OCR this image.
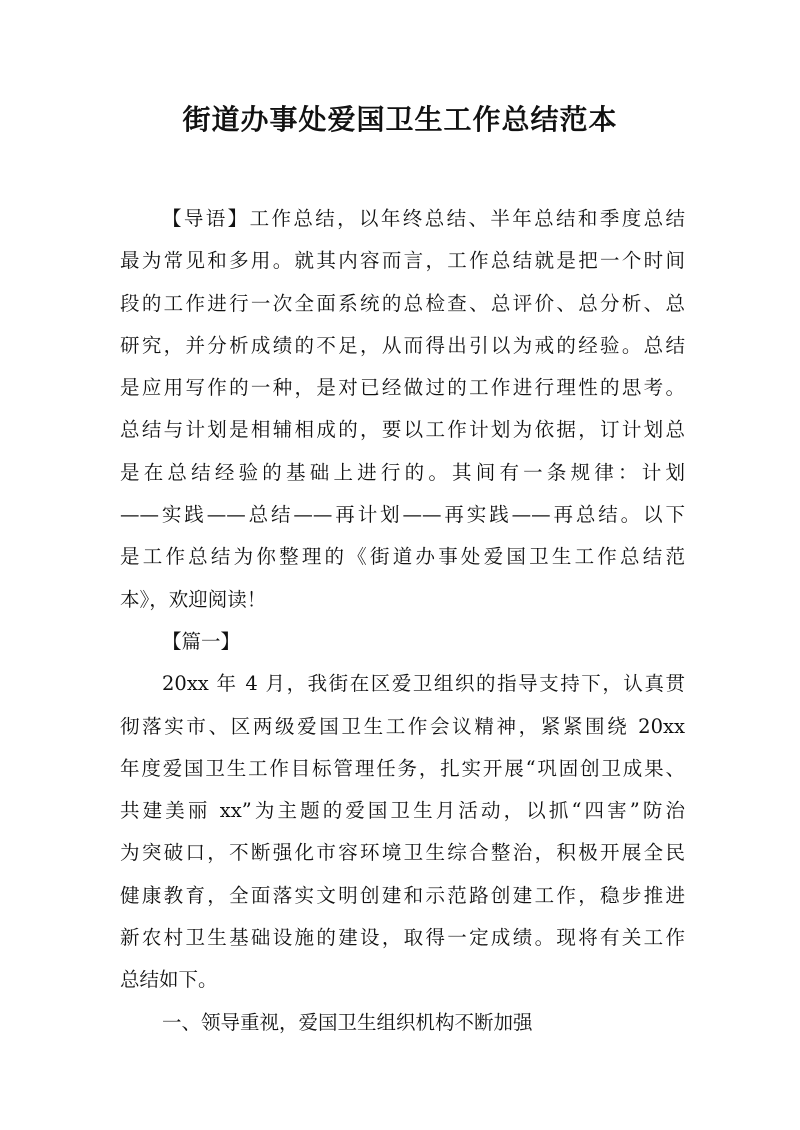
街道办事处爱国卫生工作总结范本
【导语】工作总结，以年终总结、半年总结和季度总结
最为常见和多用。就其内容而言，工作总结就是把一个时间
段的工作进行一次全面系统的总检查、总评价、总分析、总
研究，并分析成绩的不足，从而得出引以为戒的经验。总结
是应用写作的一种，是对已经做过的工作进行理性的思考。
总结与计划是相辅相成的，要以工作计划为依据，订计划总
是在总结经验的基础上进行的。其间有一条规律：计划
——实践——总结——再计划——再实践——再总结。以下
是工作总结为你整理的《街道办事处爱国卫生工作总结范
本》，欢迎阅读！
【篇一】
20xx 年 4 月，我街在区爱卫组织的指导支持下，认真贯
彻落实市、区两级爱国卫生工作会议精神，紧紧围绕 20xx
年度爱国卫生工作目标管理任务，扎实开展“巩固创卫成果、
共建美丽 xx”为主题的爱国卫生月活动，以抓“四害”防治
为突破口，不断强化市容环境卫生综合整治，积极开展全民
健康教育，全面落实文明创建和示范路创建工作，稳步推进
新农村卫生基础设施的建设，取得一定成绩。现将有关工作
总结如下。
一、领导重视，爱国卫生组织机构不断加强
